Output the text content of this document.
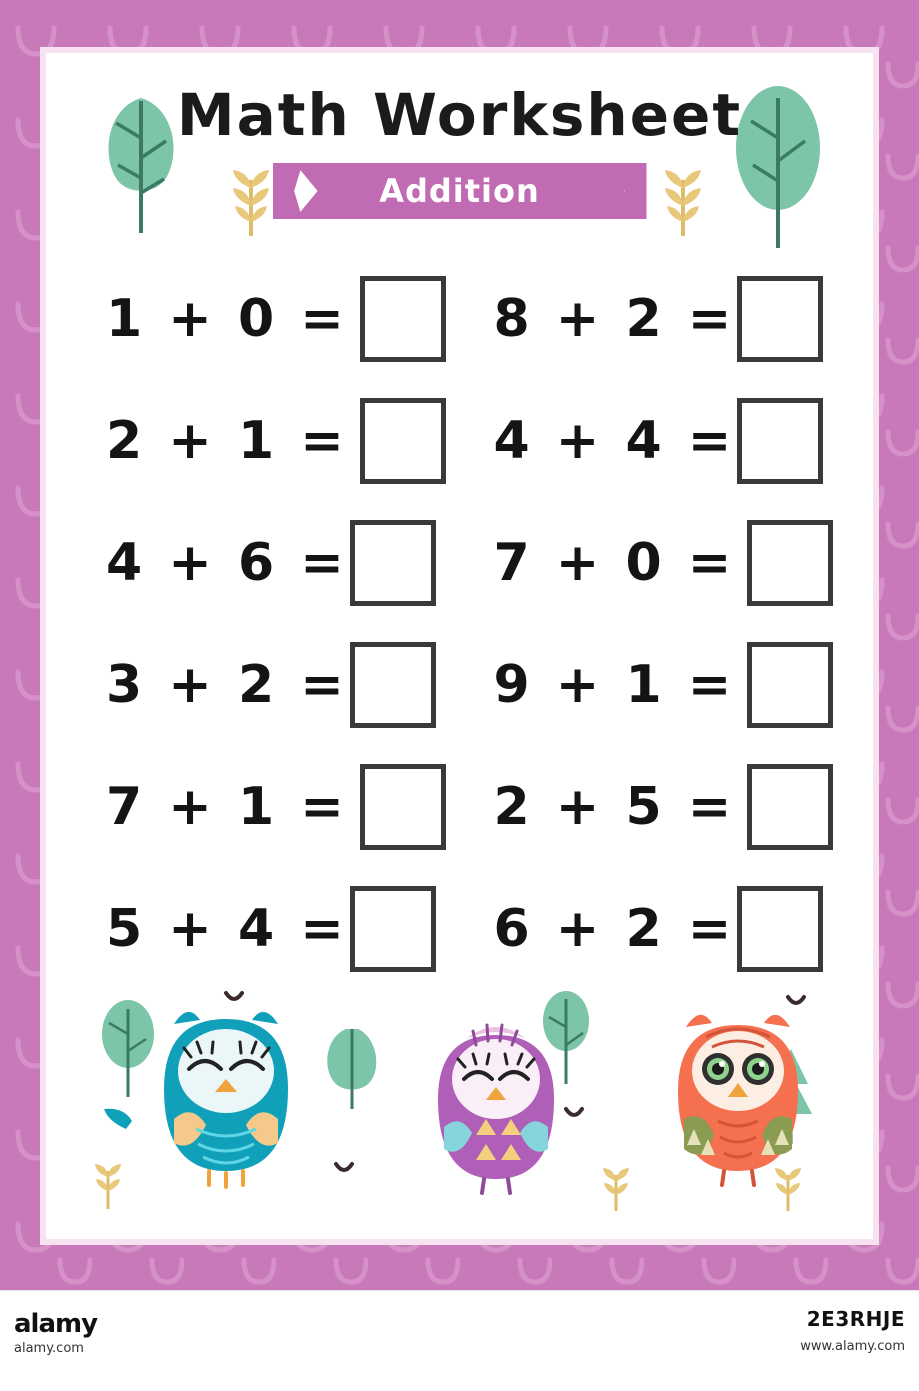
Math Worksheet
Addition
1 + 0 =	8 + 2 =
2 + 1 =	4 + 4 =
4 + 6 =	7 + 0 =
3 + 2 =	9 + 1 =
7 + 1 =	2 + 5 =
5 + 4 =	6 + 2 =
alamy
alamy.com
2E3RHJE
www.alamy.com
